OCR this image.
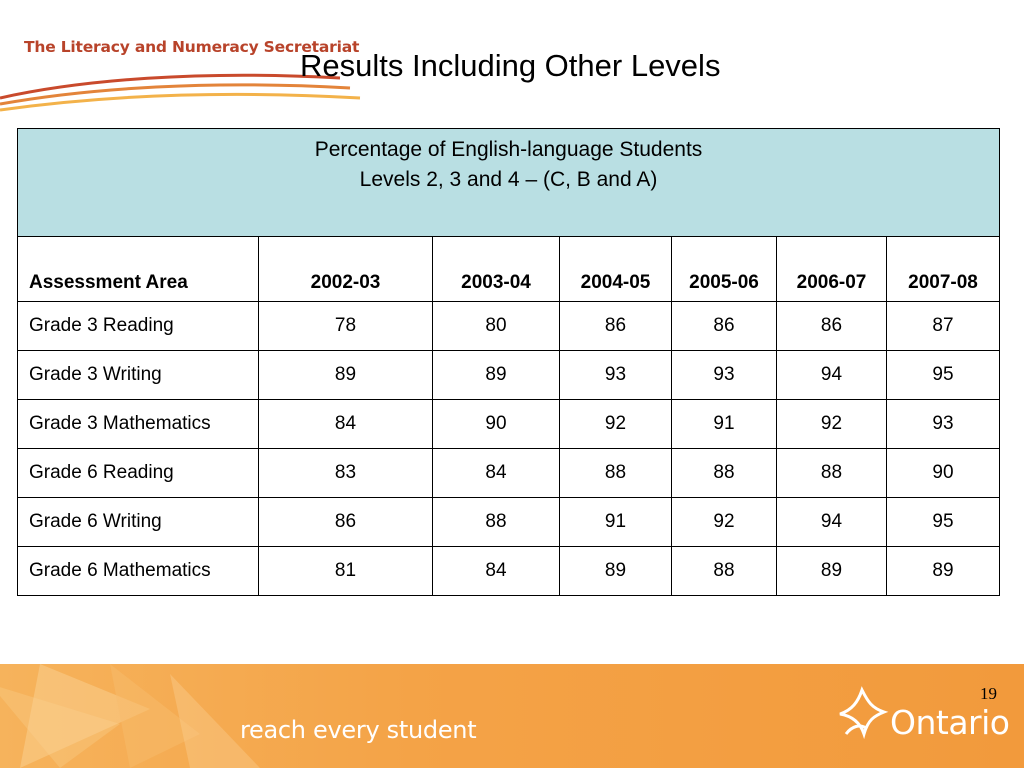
The Literacy and Numeracy Secretariat
Results Including Other Levels
Percentage of English-language Students
Levels 2, 3 and 4 – (C, B and A)						

Assessment Area	2002-03	2003-04	2004-05	2005-06	2006-07	2007-08
Grade 3 Reading	78	80	86	86	86	87
Grade 3 Writing	89	89	93	93	94	95
Grade 3 Mathematics	84	90	92	91	92	93
Grade 6 Reading	83	84	88	88	88	90
Grade 6 Writing	86	88	91	92	94	95
Grade 6 Mathematics	81	84	89	88	89	89
reach every student
19
Ontario
